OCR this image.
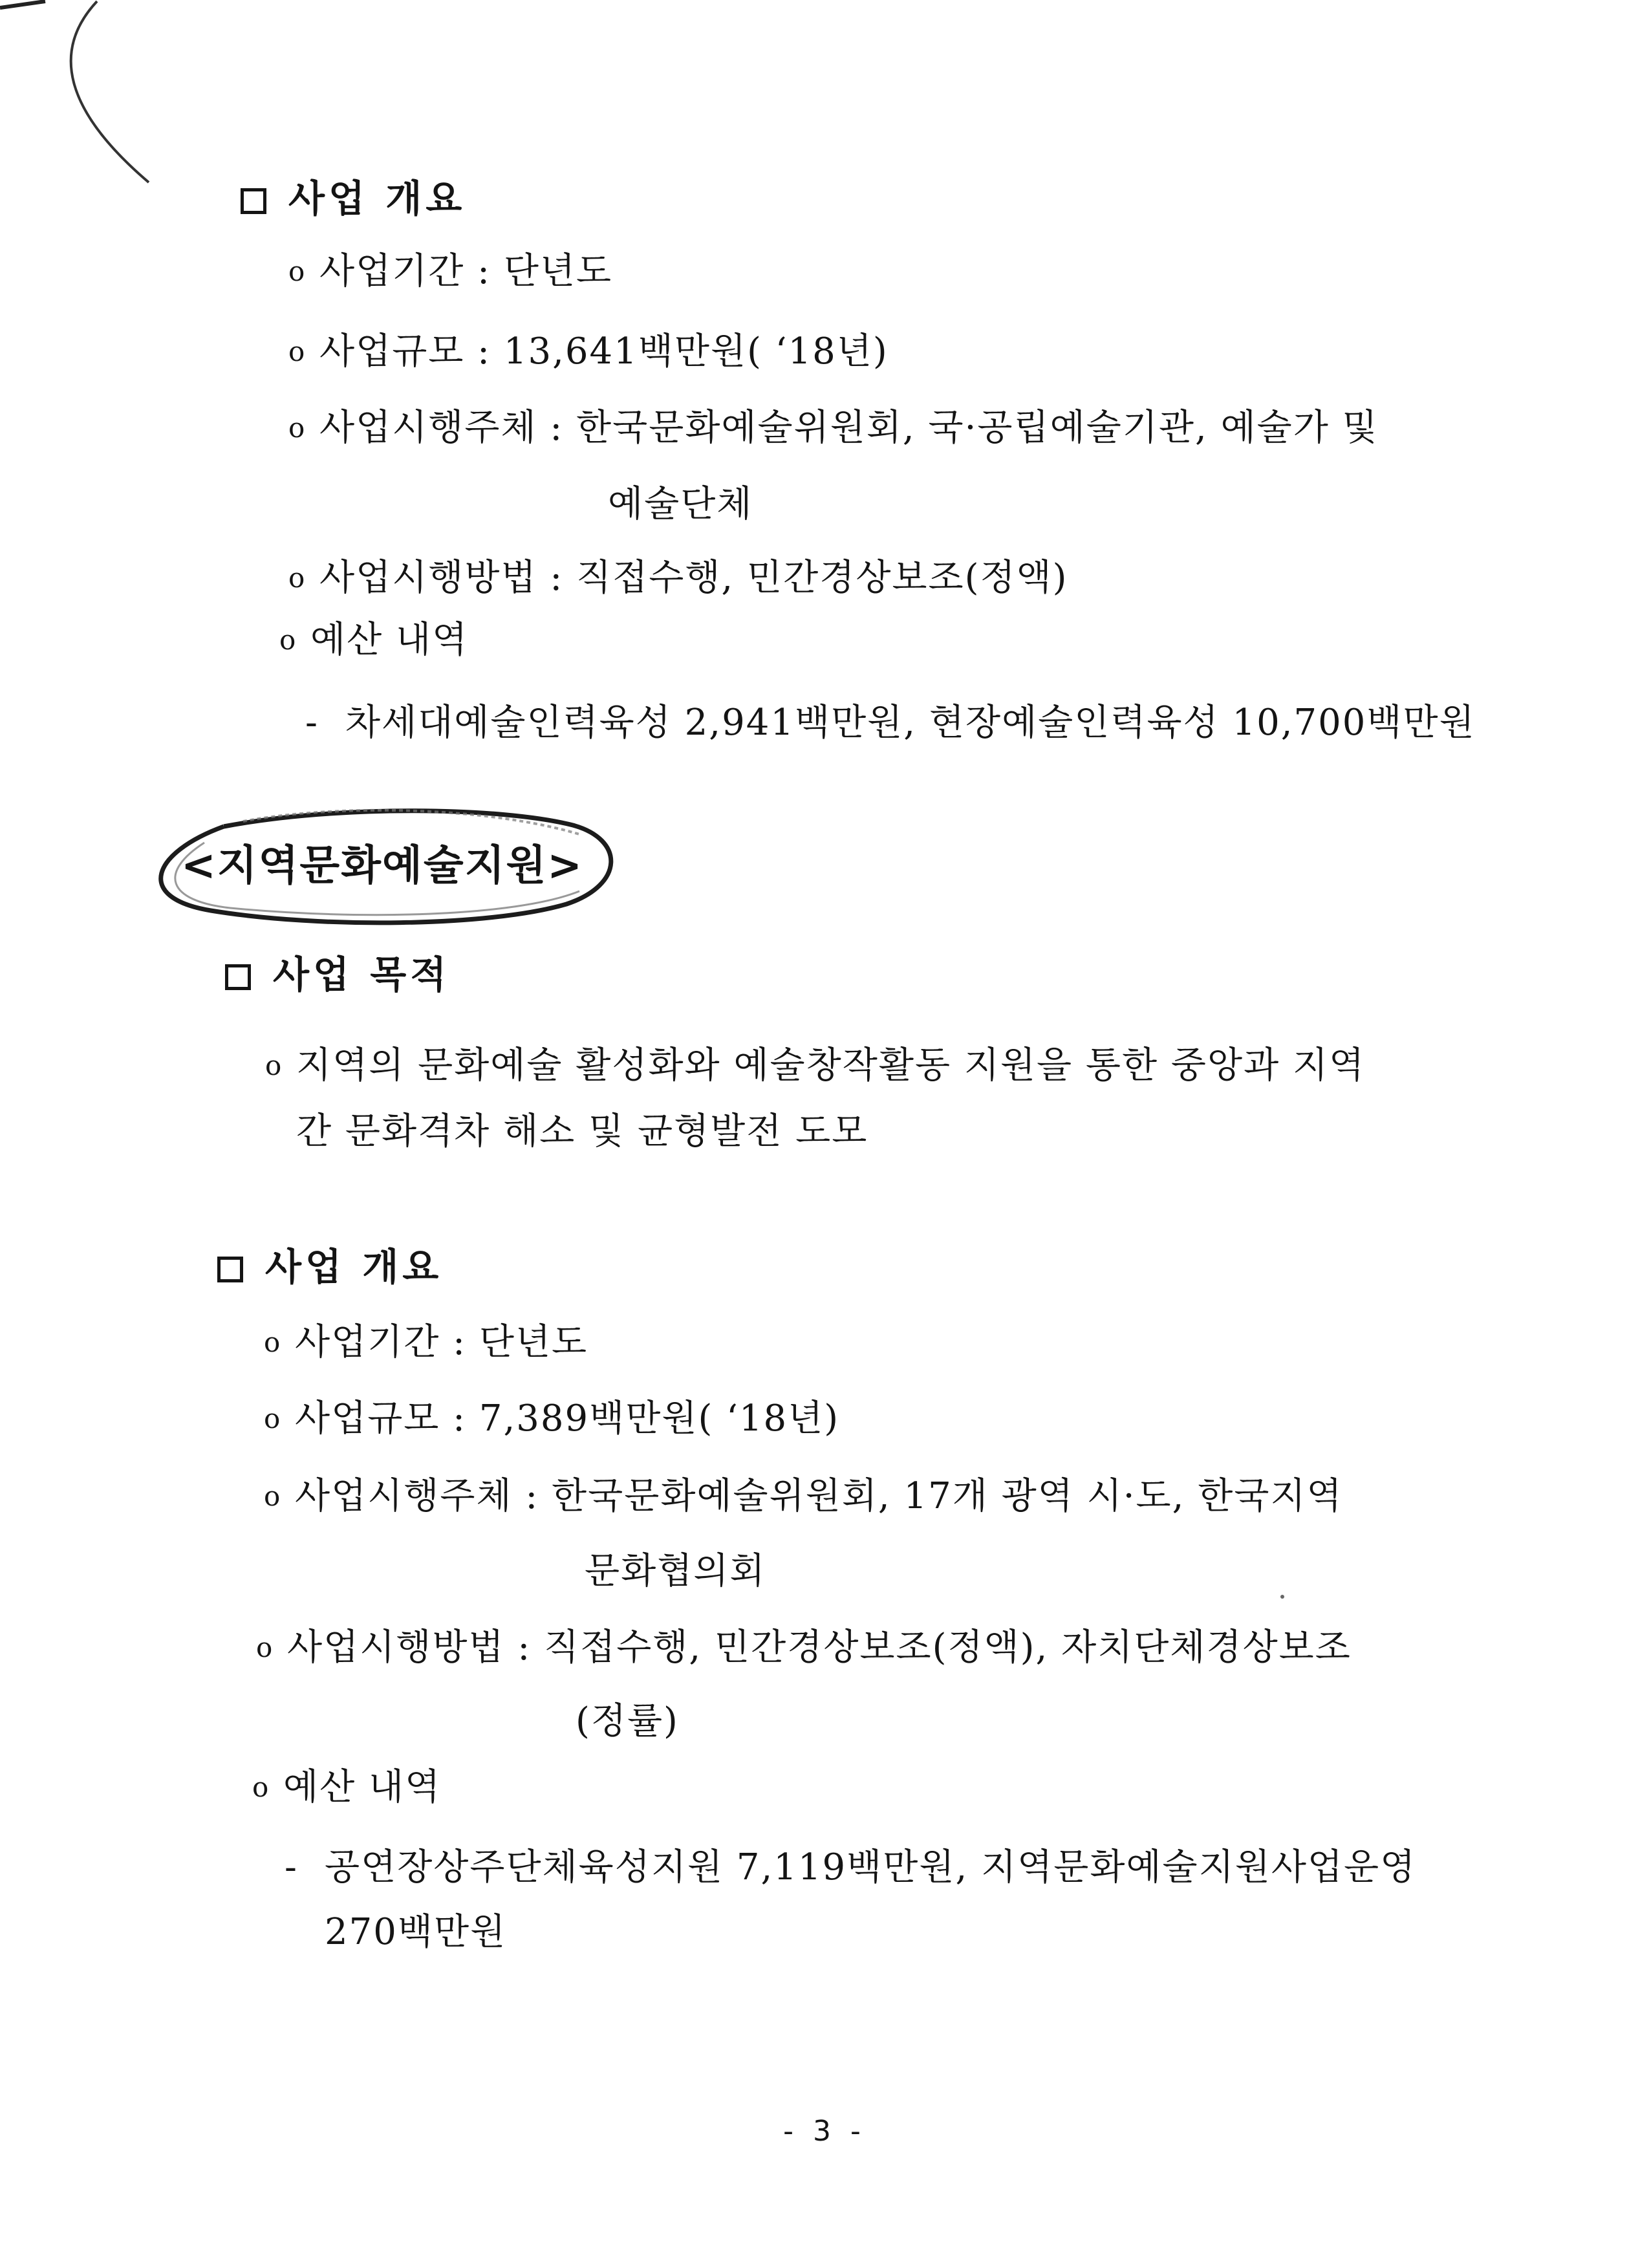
사업 개요
o 사업기간 : 단년도
o 사업규모 : 13,641백만원( ‘18년)
o 사업시행주체 : 한국문화예술위원회, 국·공립예술기관, 예술가 및
예술단체
o 사업시행방법 : 직접수행, 민간경상보조(정액)
o 예산 내역
- 차세대예술인력육성 2,941백만원, 현장예술인력육성 10,700백만원
<지역문화예술지원>
사업 목적
o 지역의 문화예술 활성화와 예술창작활동 지원을 통한 중앙과 지역
간 문화격차 해소 및 균형발전 도모
사업 개요
o 사업기간 : 단년도
o 사업규모 : 7,389백만원( ‘18년)
o 사업시행주체 : 한국문화예술위원회, 17개 광역 시·도, 한국지역
문화협의회
o 사업시행방법 : 직접수행, 민간경상보조(정액), 자치단체경상보조
(정률)
o 예산 내역
- 공연장상주단체육성지원 7,119백만원, 지역문화예술지원사업운영
270백만원
- 3 -
